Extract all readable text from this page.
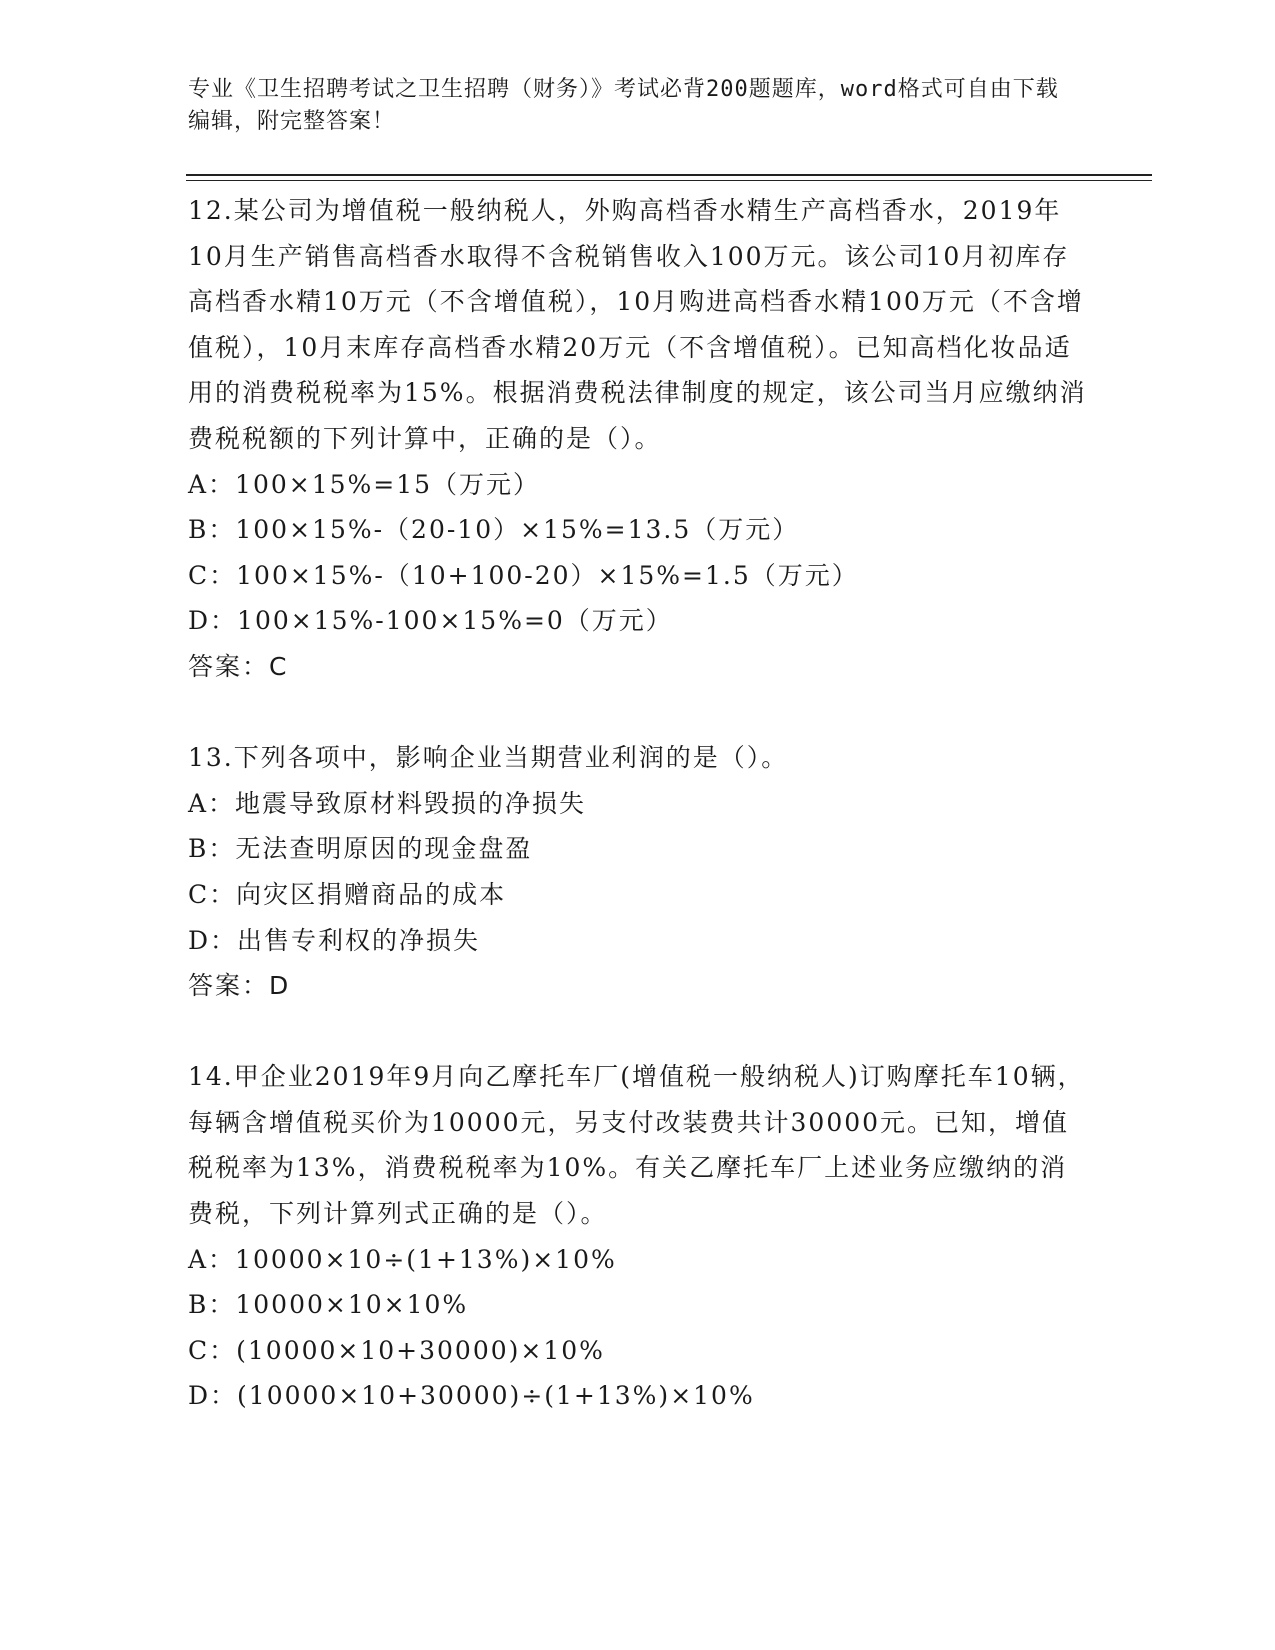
专业《卫生招聘考试之卫生招聘（财务）》考试必背200题题库，word格式可自由下载编辑，附完整答案！

12.某公司为增值税一般纳税人，外购高档香水精生产高档香水，2019年10月生产销售高档香水取得不含税销售收入100万元。该公司10月初库存高档香水精10万元（不含增值税），10月购进高档香水精100万元（不含增值税），10月末库存高档香水精20万元（不含增值税）。已知高档化妆品适用的消费税税率为15%。根据消费税法律制度的规定，该公司当月应缴纳消费税税额的下列计算中，正确的是（）。

A：100×15%=15（万元）

B：100×15%-（20-10）×15%=13.5（万元）

C：100×15%-（10+100-20）×15%=1.5（万元）

D：100×15%-100×15%=0（万元）

答案：C

13.下列各项中，影响企业当期营业利润的是（）。

A：地震导致原材料毁损的净损失

B：无法查明原因的现金盘盈

C：向灾区捐赠商品的成本

D：出售专利权的净损失

答案：D

14.甲企业2019年9月向乙摩托车厂(增值税一般纳税人)订购摩托车10辆，每辆含增值税买价为10000元，另支付改装费共计30000元。已知，增值税税率为13%，消费税税率为10%。有关乙摩托车厂上述业务应缴纳的消费税，下列计算列式正确的是（）。

A：10000×10÷(1+13%)×10%

B：10000×10×10%

C：(10000×10+30000)×10%

D：(10000×10+30000)÷(1+13%)×10%
